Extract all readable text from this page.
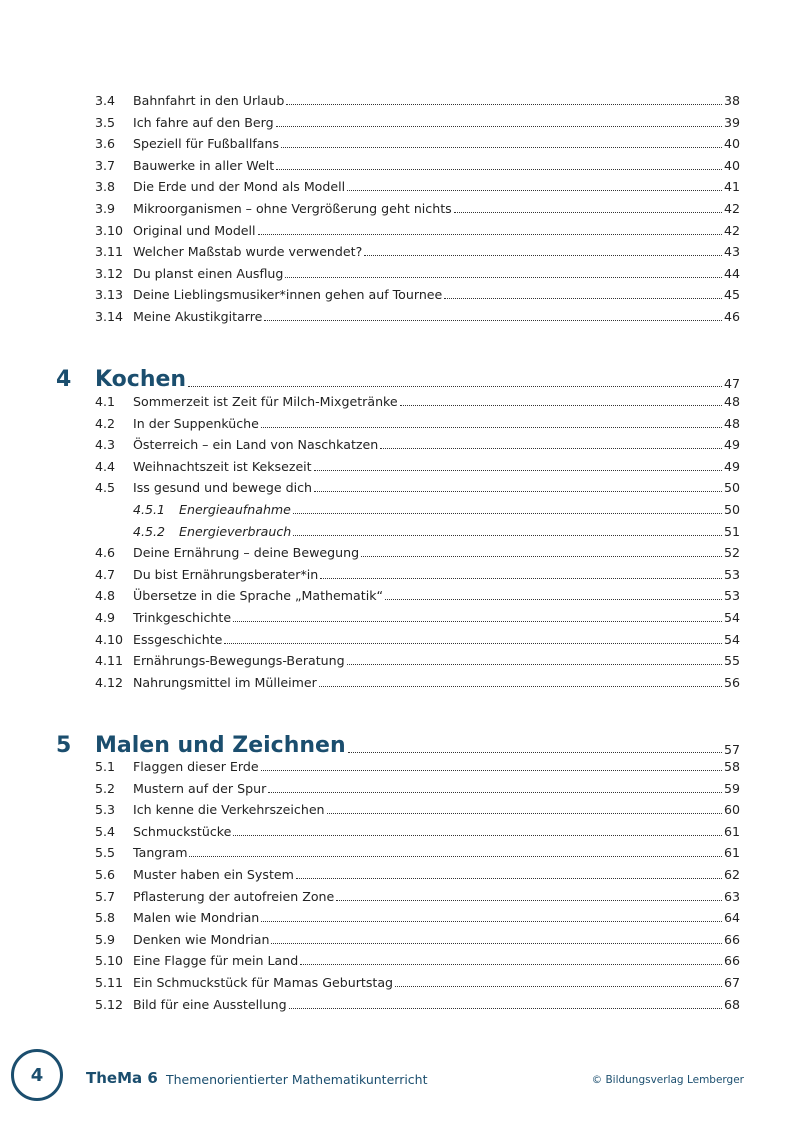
3.4	Bahnfahrt in den Urlaub	38
3.5	Ich fahre auf den Berg	39
3.6	Speziell für Fußballfans	40
3.7	Bauwerke in aller Welt	40
3.8	Die Erde und der Mond als Modell	41
3.9	Mikroorganismen – ohne Vergrößerung geht nichts	42
3.10 Original und Modell	42
3.11 Welcher Maßstab wurde verwendet?	43
3.12 Du planst einen Ausflug	44
3.13 Deine Lieblingsmusiker*innen gehen auf Tournee	45
3.14 Meine Akustikgitarre	46
4	Kochen	47
4.1	Sommerzeit ist Zeit für Milch-Mixgetränke	48
4.2	In der Suppenküche	48
4.3	Österreich – ein Land von Naschkatzen	49
4.4	Weihnachtszeit ist Keksezeit	49
4.5	Iss gesund und bewege dich	50
4.5.1	Energieaufnahme	50
4.5.2	Energieverbrauch	51
4.6	Deine Ernährung – deine Bewegung	52
4.7	Du bist Ernährungsberater*in	53
4.8	Übersetze in die Sprache „Mathematik“	53
4.9	Trinkgeschichte	54
4.10 Essgeschichte	54
4.11 Ernährungs-Bewegungs-Beratung	55
4.12 Nahrungsmittel im Mülleimer	56
5	Malen und Zeichnen	57
5.1	Flaggen dieser Erde	58
5.2	Mustern auf der Spur	59
5.3	Ich kenne die Verkehrszeichen	60
5.4	Schmuckstücke	61
5.5	Tangram	61
5.6	Muster haben ein System	62
5.7	Pflasterung der autofreien Zone	63
5.8	Malen wie Mondrian	64
5.9	Denken wie Mondrian	66
5.10 Eine Flagge für mein Land	66
5.11 Ein Schmuckstück für Mamas Geburtstag	67
5.12 Bild für eine Ausstellung	68
4	TheMa 6 Themenorientierter Mathematikunterricht	© Bildungsverlag Lemberger
